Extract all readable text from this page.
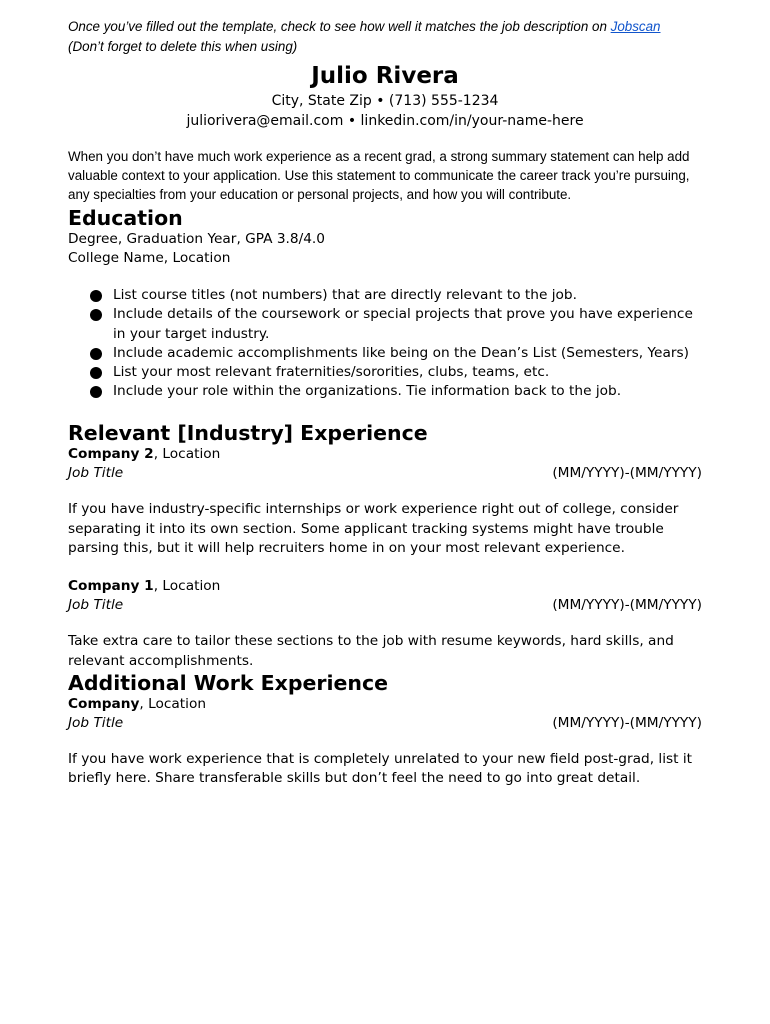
Once you’ve filled out the template, check to see how well it matches the job description on Jobscan
(Don’t forget to delete this when using)
Julio Rivera
City, State Zip • (713) 555-1234
juliorivera@email.com • linkedin.com/in/your-name-here
When you don’t have much work experience as a recent grad, a strong summary statement can help add valuable context to your application. Use this statement to communicate the career track you’re pursuing, any specialties from your education or personal projects, and how you will contribute.
Education
Degree, Graduation Year, GPA 3.8/4.0
College Name, Location
List course titles (not numbers) that are directly relevant to the job.
Include details of the coursework or special projects that prove you have experience in your target industry.
Include academic accomplishments like being on the Dean’s List (Semesters, Years)
List your most relevant fraternities/sororities, clubs, teams, etc.
Include your role within the organizations. Tie information back to the job.
Relevant [Industry] Experience
Company 2, Location
Job Title	(MM/YYYY)-(MM/YYYY)
If you have industry-specific internships or work experience right out of college, consider separating it into its own section. Some applicant tracking systems might have trouble parsing this, but it will help recruiters home in on your most relevant experience.
Company 1, Location
Job Title	(MM/YYYY)-(MM/YYYY)
Take extra care to tailor these sections to the job with resume keywords, hard skills, and relevant accomplishments.
Additional Work Experience
Company, Location
Job Title	(MM/YYYY)-(MM/YYYY)
If you have work experience that is completely unrelated to your new field post-grad, list it briefly here. Share transferable skills but don’t feel the need to go into great detail.
